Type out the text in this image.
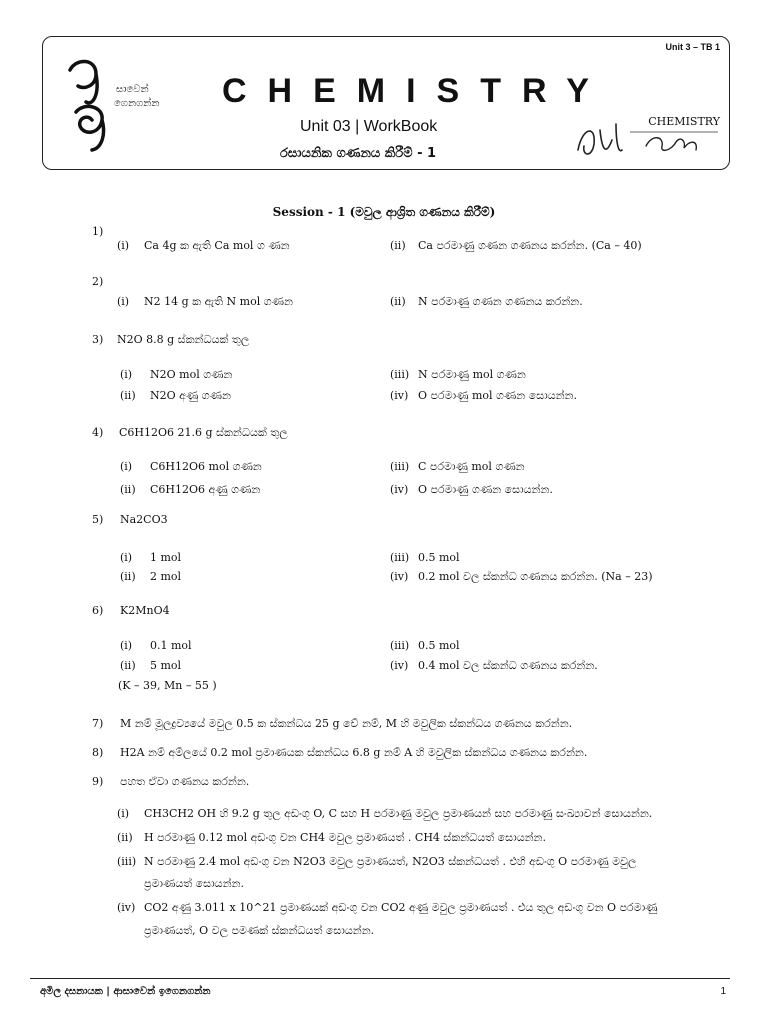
Unit 3 – TB 1
සාවෙන්
ගෙනගන්න CHEMISTRY
Unit 03 | WorkBook
රසායනික ගණනය කිරීම් - 1
CHEMISTRY
Session - 1 (මවුල ආශ්‍රිත ගණනය කිරීම්)
1)
(i) Ca 4g ක ඇති Ca mol ග ණන	(ii) Ca පරමාණු ගණන ගණනය කරන්න. (Ca – 40)
2)
(i) N2 14 g ක ඇති N mol ගණන	(ii) N පරමාණු ගණන ගණනය කරන්න.
3) N2O 8.8 g ස්කන්ධයක් තුල
(i) N2O mol ගණන	(iii) N පරමාණු mol ගණන
(ii) N2O අණු ගණන	(iv) O පරමාණු mol ගණන සොයන්න.
4) C6H12O6 21.6 g ස්කන්ධයක් තුල
(i) C6H12O6 mol ගණන	(iii) C පරමාණු mol ගණන
(ii) C6H12O6 අණු ගණන	(iv) O පරමාණු ගණන සොයන්න.
5) Na2CO3
(i) 1 mol	(iii) 0.5 mol
(ii) 2 mol	(iv) 0.2 mol වල ස්කන්ධ ගණනය කරන්න. (Na – 23)
6) K2MnO4
(i) 0.1 mol	(iii) 0.5 mol
(ii) 5 mol	(iv) 0.4 mol වල ස්කන්ධ ගණනය කරන්න.
(K – 39, Mn – 55 )
7) M නම් මූලද්‍රව්‍යයේ මවුල 0.5 ක ස්කන්ධය 25 g වේ නම්, M හි මවුලික ස්කන්ධය ගණනය කරන්න.
8) H2A නම් අම්ලයේ 0.2 mol ප්‍රමාණයක ස්කන්ධය 6.8 g නම් A හි මවුලික ස්කන්ධය ගණනය කරන්න.
9) පහත ඒවා ගණනය කරන්න.
(i) CH3CH2 OH හි 9.2 g තුල අඩංගු O, C සහ H පරමාණු මවුල ප්‍රමාණයන් සහ පරමාණු සංඛ්‍යාවන් සොයන්න.
(ii) H පරමාණු 0.12 mol අඩංගු වන CH4 මවුල ප්‍රමාණයත් . CH4 ස්කන්ධයත් සොයන්න.
(iii) N පරමාණු 2.4 mol අඩංගු වන N2O3 මවුල ප්‍රමාණයත්, N2O3 ස්කන්ධයත් . එහි අඩංගු O පරමාණු මවුල
ප්‍රමාණයත් සොයන්න.
(iv) CO2 අණු 3.011 x 10^21 ප්‍රමාණයක් අඩංගු වන CO2 අණු මවුල ප්‍රමාණයත් . එය තුල අඩංගු වන O පරමාණු
ප්‍රමාණයත්, O වල පමණක් ස්කන්ධයත් සොයන්න.
අමිල දසනායක | ආසාවෙන් ඉගෙනගන්න	1
